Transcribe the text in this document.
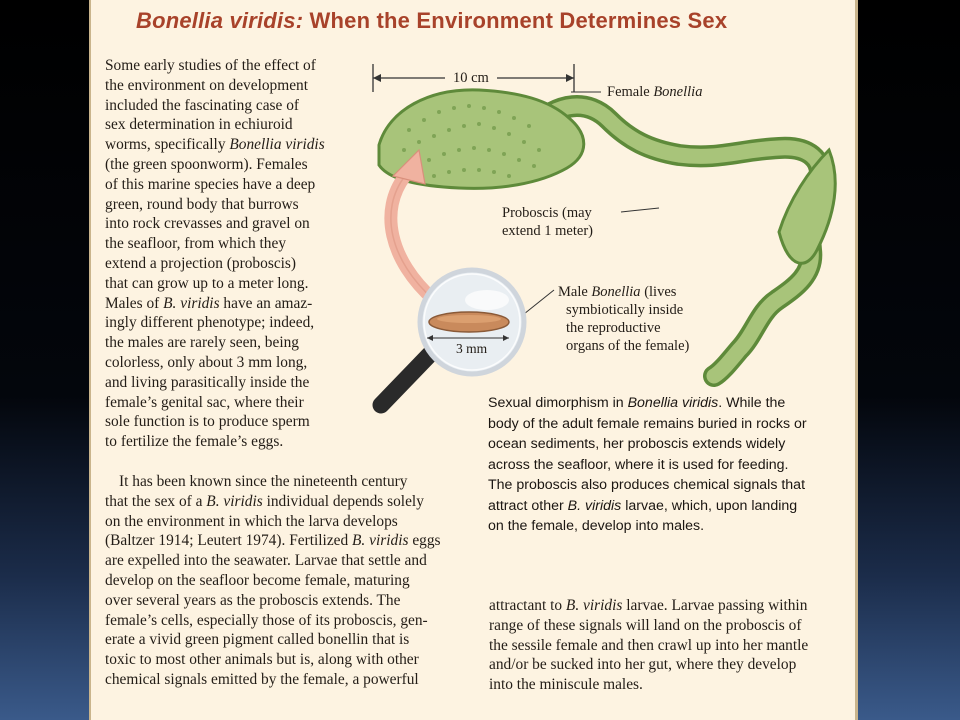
Bonellia viridis: When the Environment Determines Sex
10 cm
Female Bonellia
Proboscis (may
extend 1 meter)
Male Bonellia (lives
symbiotically inside
the reproductive
organs of the female)
3 mm
Some early studies of the effect of
the environment on development
included the fascinating case of
sex determination in echiuroid
worms, specifically Bonellia viridis
(the green spoonworm). Females
of this marine species have a deep
green, round body that burrows
into rock crevasses and gravel on
the seafloor, from which they
extend a projection (proboscis)
that can grow up to a meter long.
Males of B. viridis have an amaz-
ingly different phenotype; indeed,
the males are rarely seen, being
colorless, only about 3 mm long,
and living parasitically inside the
female’s genital sac, where their
sole function is to produce sperm
to fertilize the female’s eggs.
It has been known since the nineteenth century
that the sex of a B. viridis individual depends solely
on the environment in which the larva develops
(Baltzer 1914; Leutert 1974). Fertilized B. viridis eggs
are expelled into the seawater. Larvae that settle and
develop on the seafloor become female, maturing
over several years as the proboscis extends. The
female’s cells, especially those of its proboscis, gen-
erate a vivid green pigment called bonellin that is
toxic to most other animals but is, along with other
chemical signals emitted by the female, a powerful
Sexual dimorphism in Bonellia viridis. While the
body of the adult female remains buried in rocks or
ocean sediments, her proboscis extends widely
across the seafloor, where it is used for feeding.
The proboscis also produces chemical signals that
attract other B. viridis larvae, which, upon landing
on the female, develop into males.
attractant to B. viridis larvae. Larvae passing within
range of these signals will land on the proboscis of
the sessile female and then crawl up into her mantle
and/or be sucked into her gut, where they develop
into the miniscule males.
